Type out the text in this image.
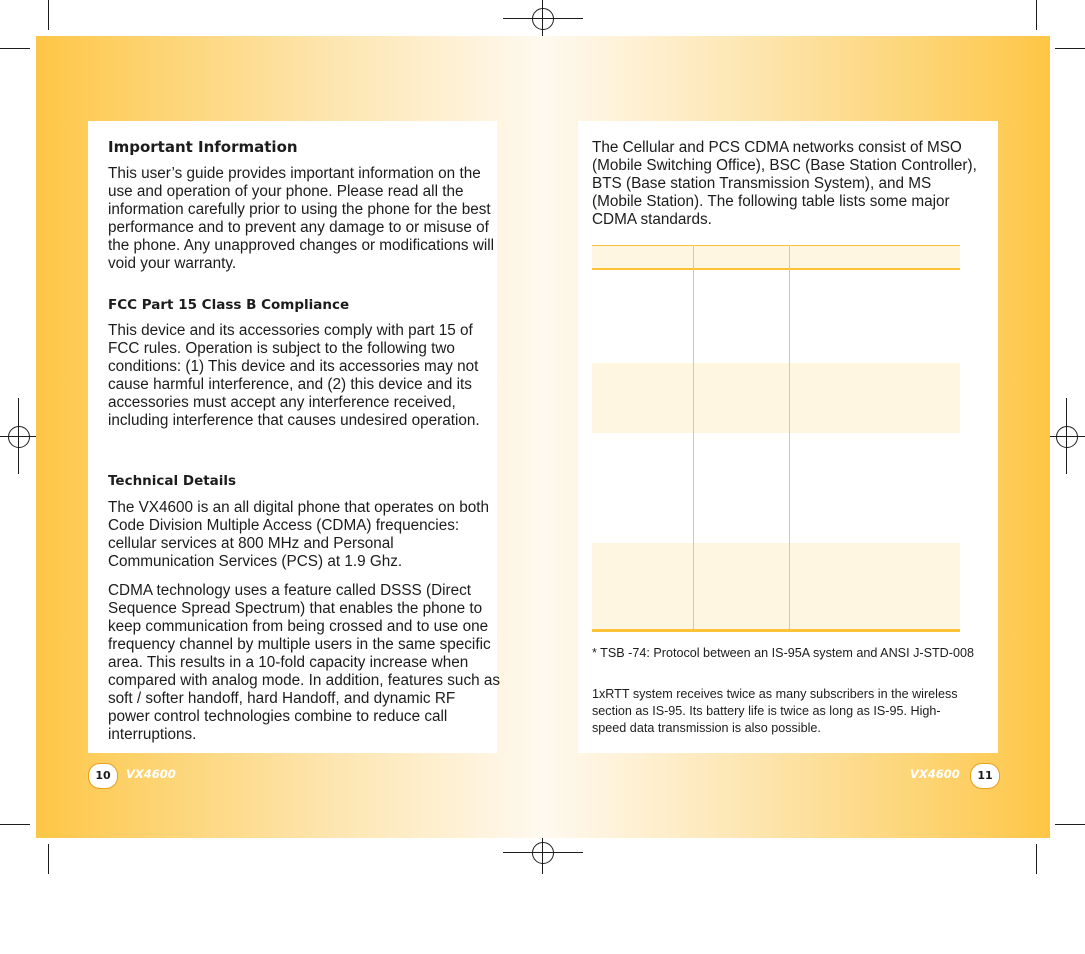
Important Information

This user’s guide provides important information on the use and operation of your phone. Please read all the information carefully prior to using the phone for the best performance and to prevent any damage to or misuse of the phone. Any unapproved changes or modifications will void your warranty.

FCC Part 15 Class B Compliance

This device and its accessories comply with part 15 of FCC rules. Operation is subject to the following two conditions: (1) This device and its accessories may not cause harmful interference, and (2) this device and its accessories must accept any interference received, including interference that causes undesired operation.

Technical Details

The VX4600 is an all digital phone that operates on both Code Division Multiple Access (CDMA) frequencies: cellular services at 800 MHz and Personal Communication Services (PCS) at 1.9 Ghz.

CDMA technology uses a feature called DSSS (Direct Sequence Spread Spectrum) that enables the phone to keep communication from being crossed and to use one frequency channel by multiple users in the same specific area. This results in a 10-fold capacity increase when compared with analog mode. In addition, features such as soft / softer handoff, hard Handoff, and dynamic RF power control technologies combine to reduce call interruptions.

The Cellular and PCS CDMA networks consist of MSO (Mobile Switching Office), BSC (Base Station Controller), BTS (Base station Transmission System), and MS (Mobile Station). The following table lists some major CDMA standards.

* TSB -74: Protocol between an IS-95A system and ANSI J-STD-008

1xRTT system receives twice as many subscribers in the wireless section as IS-95. Its battery life is twice as long as IS-95. High-speed data transmission is also possible.

10	VX4600	VX4600	11
